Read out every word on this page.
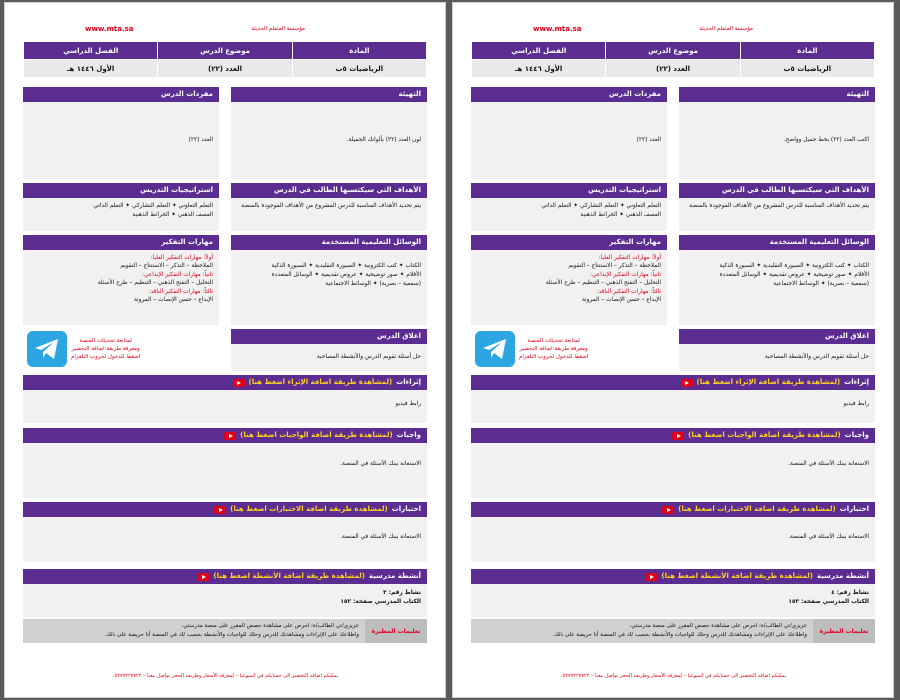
مؤسسة المتعلم الحديثة
www.mta.sa
المادة	موضوع الدرس	الفصل الدراسي
الرياضيات ٥ب	العدد (٢٢)	الأول ١٤٤٦ هـ
التهيئة
اكتب العدد (٢٢) بخط جميل وواضح.
مفردات الدرس
العدد (٢٢)
الأهداف التي سيكتسبها الطالب في الدرس
يتم تحديد الأهداف المناسبة للدرس المشروع من الأهداف الموجودة بالمنصة
استراتيجيات التدريس
التعلم التعاوني ✦ التعلم التشاركي ✦ التعلم الذاتي
العصف الذهني ✦ الخرائط الذهنية
الوسائل التعليمية المستخدمة
الكتاب ✦ كتب الكترونية ✦ السبورة التقليدية ✦ السبورة الذكية
الأقلام ✦ صور توضيحية ✦ عروض تقديمية ✦ الوسائل المتعددة
(سمعية – بصرية) ✦ الوسائط الاجتماعية
مهارات التفكير
أولاً: مهارات التفكير العليا:
الملاحظة – التذكر – الاستنتاج – التقويم
ثانياً: مهارات التفكير الإبداعي:
التحليل – التفتح الذهني – التنظيم – طرح الأسئلة
ثالثاً: مهارات التفكير الناقد:
الإبداع – حسن الإنصات – المرونة
اغلاق الدرس
حل أسئلة تقويم الدرس والأنشطة المصاحبة
لمتابعة تحديثات المنصة
ومعرفة طريقة اضافة التحضير
اضغط للدخول لجروب التلغرام
إثراءات
(لمشاهدة طريقة اضافة الإثراء اضغط هنا)
رابط فيديو
واجبات
(لمشاهدة طريقة اضافة الواجبات اضغط هنا)
الاستعانة ببنك الأسئلة في المنصة.
اختبارات
(لمشاهدة طريقة اضافة الاختبارات اضغط هنا)
الاستعانة ببنك الأسئلة في المنصة.
أنشطة مدرسية
(لمشاهدة طريقة اضافة الأنشطة اضغط هنا)
نشاط رقم: ٤
الكتاب المدرسي صفحة: ١٥٣
تعليمات المطيرة
عزيزي/تي الطالب/ة: احرص على مشاهدة حصص المقرر على منصة مدرستي،
واطلاعك على الإثراءات ومشاهدتك للدرس وحلك للواجبات والأنشطة بحسب لك في المنصة أنا حريصة على ذلك.
يمكنكم اضافة التحضير الى حسابكم في اسبوعيا – لمعرفة الأسعار وطريقة الحجز تواصل معنا – ٠٥٢٧٧٢٢٧٧٢٢
مؤسسة المتعلم الحديثة
www.mta.sa
المادة	موضوع الدرس	الفصل الدراسي
الرياضيات ٥ب	العدد (٢٢)	الأول ١٤٤٦ هـ
التهيئة
لون العدد (٢٢) بألوانك الجميلة.
مفردات الدرس
العدد (٢٢)
الأهداف التي سيكتسبها الطالب في الدرس
يتم تحديد الأهداف المناسبة للدرس المشروع من الأهداف الموجودة بالمنصة
استراتيجيات التدريس
التعلم التعاوني ✦ التعلم التشاركي ✦ التعلم الذاتي
العصف الذهني ✦ الخرائط الذهنية
الوسائل التعليمية المستخدمة
الكتاب ✦ كتب الكترونية ✦ السبورة التقليدية ✦ السبورة الذكية
الأقلام ✦ صور توضيحية ✦ عروض تقديمية ✦ الوسائل المتعددة
(سمعية – بصرية) ✦ الوسائط الاجتماعية
مهارات التفكير
أولاً: مهارات التفكير العليا:
الملاحظة – التذكر – الاستنتاج – التقويم
ثانياً: مهارات التفكير الإبداعي:
التحليل – التفتح الذهني – التنظيم – طرح الأسئلة
ثالثاً: مهارات التفكير الناقد:
الإبداع – حسن الإنصات – المرونة
اغلاق الدرس
حل أسئلة تقويم الدرس والأنشطة المصاحبة
لمتابعة تحديثات المنصة
ومعرفة طريقة اضافة التحضير
اضغط للدخول لجروب التلغرام
إثراءات
(لمشاهدة طريقة اضافة الإثراء اضغط هنا)
رابط فيديو
واجبات
(لمشاهدة طريقة اضافة الواجبات اضغط هنا)
الاستعانة ببنك الأسئلة في المنصة.
اختبارات
(لمشاهدة طريقة اضافة الاختبارات اضغط هنا)
الاستعانة ببنك الأسئلة في المنصة.
أنشطة مدرسية
(لمشاهدة طريقة اضافة الأنشطة اضغط هنا)
نشاط رقم: ٣
الكتاب المدرسي صفحة: ١٥٢
تعليمات المطيرة
عزيزي/تي الطالب/ة: احرص على مشاهدة حصص المقرر على منصة مدرستي،
واطلاعك على الإثراءات ومشاهدتك للدرس وحلك للواجبات والأنشطة بحسب لك في المنصة أنا حريصة على ذلك.
يمكنكم اضافة التحضير الى حسابكم في اسبوعيا – لمعرفة الأسعار وطريقة الحجز تواصل معنا – ٠٥٢٧٧٢٢٧٧٢٢
